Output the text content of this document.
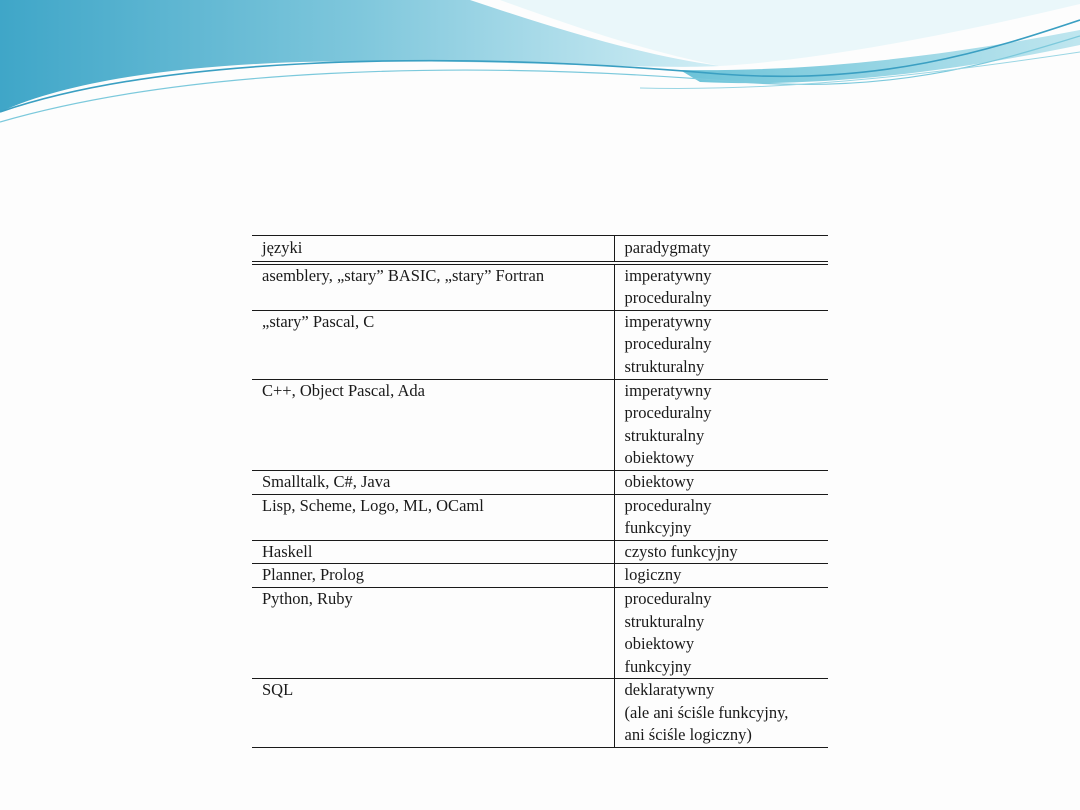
języki	paradygmaty

asemblery, „stary” BASIC, „stary” Fortran	imperatywny
proceduralny

„stary” Pascal, C	imperatywny
proceduralny
strukturalny

C++, Object Pascal, Ada	imperatywny
proceduralny
strukturalny
obiektowy

Smalltalk, C#, Java	obiektowy

Lisp, Scheme, Logo, ML, OCaml	proceduralny
funkcyjny

Haskell	czysto funkcyjny

Planner, Prolog	logiczny

Python, Ruby	proceduralny
strukturalny
obiektowy
funkcyjny

SQL	deklaratywny
(ale ani ściśle funkcyjny,
ani ściśle logiczny)
